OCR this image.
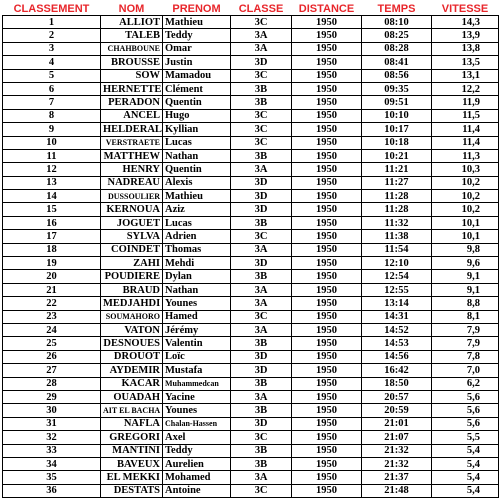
CLASSEMENT	NOM	PRENOM	CLASSE	DISTANCE	TEMPS	VITESSE
1	ALLIOT	Mathieu	3C	1950	08:10	14,3
2	TALEB	Teddy	3A	1950	08:25	13,9
3	CHAHBOUNE	Omar	3A	1950	08:28	13,8
4	BROUSSE	Justin	3D	1950	08:41	13,5
5	SOW	Mamadou	3C	1950	08:56	13,1
6	HERNETTE	Clément	3B	1950	09:35	12,2
7	PERADON	Quentin	3B	1950	09:51	11,9
8	ANCEL	Hugo	3C	1950	10:10	11,5
9	HELDERAL	Kyllian	3C	1950	10:17	11,4
10	VERSTRAETE	Lucas	3C	1950	10:18	11,4
11	MATTHEW	Nathan	3B	1950	10:21	11,3
12	HENRY	Quentin	3A	1950	11:21	10,3
13	NADREAU	Alexis	3D	1950	11:27	10,2
14	DUSSOULIER	Mathieu	3D	1950	11:28	10,2
15	KERNOUA	Aziz	3D	1950	11:28	10,2
16	JOGUET	Lucas	3B	1950	11:32	10,1
17	SYLVA	Adrien	3C	1950	11:38	10,1
18	COINDET	Thomas	3A	1950	11:54	9,8
19	ZAHI	Mehdi	3D	1950	12:10	9,6
20	POUDIERE	Dylan	3B	1950	12:54	9,1
21	BRAUD	Nathan	3A	1950	12:55	9,1
22	MEDJAHDI	Younes	3A	1950	13:14	8,8
23	SOUMAHORO	Hamed	3C	1950	14:31	8,1
24	VATON	Jérémy	3A	1950	14:52	7,9
25	DESNOUES	Valentin	3B	1950	14:53	7,9
26	DROUOT	Loïc	3D	1950	14:56	7,8
27	AYDEMIR	Mustafa	3D	1950	16:42	7,0
28	KACAR	Muhammedcan	3B	1950	18:50	6,2
29	OUADAH	Yacine	3A	1950	20:57	5,6
30	AIT EL BACHA	Younes	3B	1950	20:59	5,6
31	NAFLA	Chalan-Hassen	3D	1950	21:01	5,6
32	GREGORI	Axel	3C	1950	21:07	5,5
33	MANTINI	Teddy	3B	1950	21:32	5,4
34	BAVEUX	Aurelien	3B	1950	21:32	5,4
35	EL MEKKI	Mohamed	3A	1950	21:37	5,4
36	DESTATS	Antoine	3C	1950	21:48	5,4
